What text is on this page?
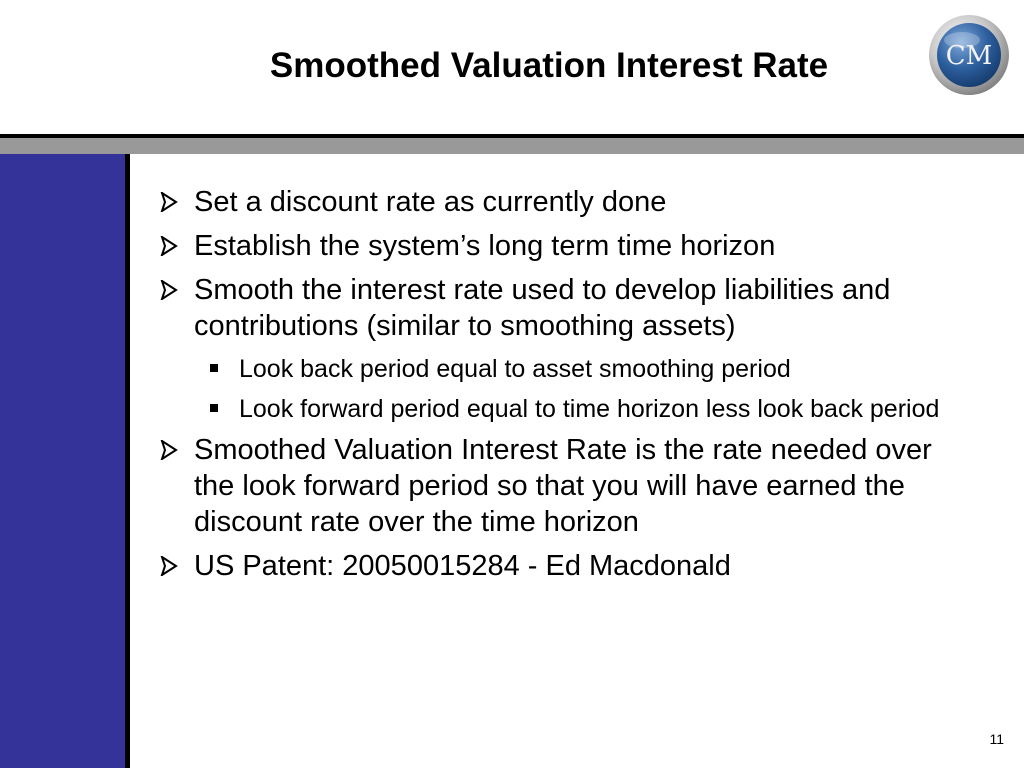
Smoothed Valuation Interest Rate	CM
Set a discount rate as currently done
Establish the system’s long term time horizon
Smooth the interest rate used to develop liabilities and contributions (similar to smoothing assets)
Look back period equal to asset smoothing period
Look forward period equal to time horizon less look back period
Smoothed Valuation Interest Rate is the rate needed over the look forward period so that you will have earned the discount rate over the time horizon
US Patent: 20050015284 - Ed Macdonald
11
